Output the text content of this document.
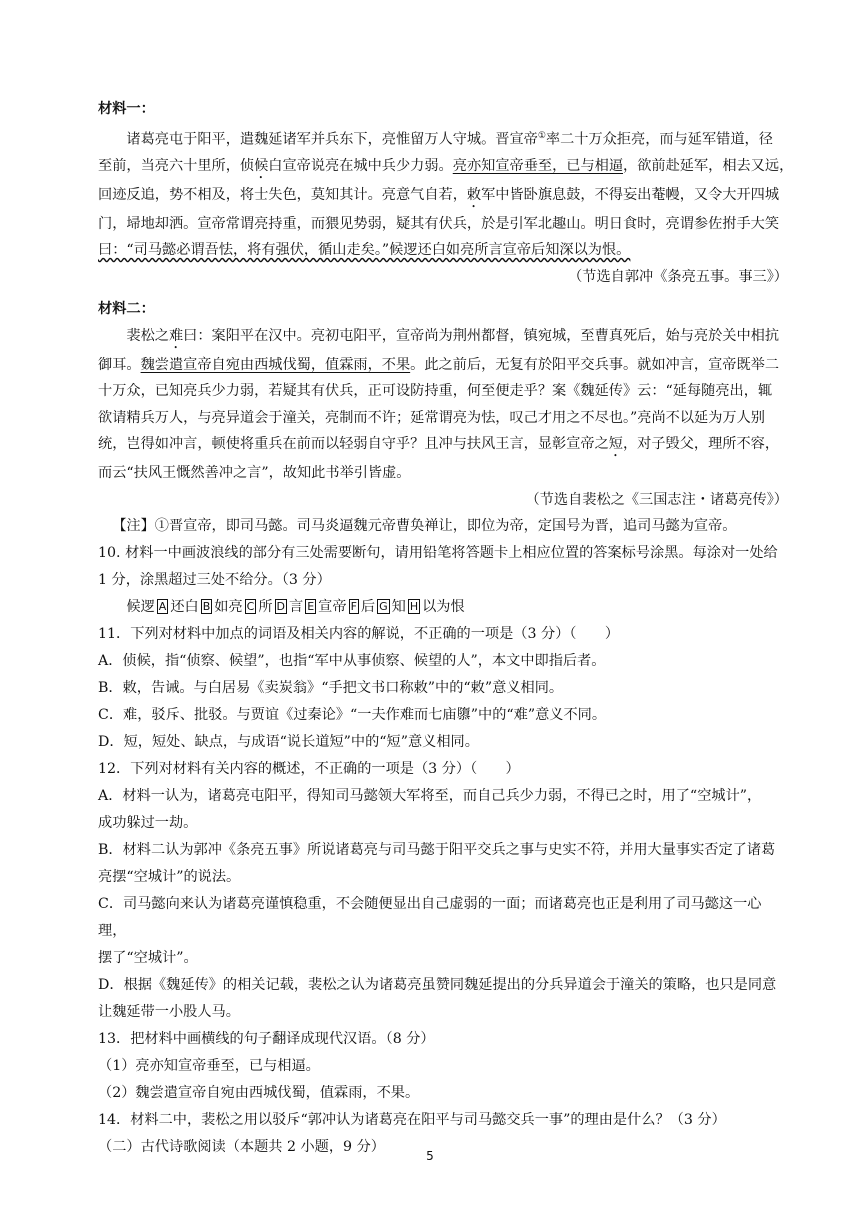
材料一：
诸葛亮屯于阳平，遣魏延诸军并兵东下，亮惟留万人守城。晋宣帝①率二十万众拒亮，而与延军错道，径
至前，当亮六十里所，侦候白宣帝说亮在城中兵少力弱。亮亦知宣帝垂至，已与相逼，欲前赴延军，相去又远，
回迹反追，势不相及，将士失色，莫知其计。亮意气自若，敕军中皆卧旗息鼓，不得妄出菴幔，又令大开四城
门，埽地却洒。宣帝常谓亮持重，而猥见势弱，疑其有伏兵，於是引军北趣山。明日食时，亮谓参佐拊手大笑
曰：“司马懿必谓吾怯，将有强伏，循山走矣。”候逻还白如亮所言宣帝后知深以为恨。
（节选自郭冲《条亮五事。事三》）
材料二：
裴松之难曰：案阳平在汉中。亮初屯阳平，宣帝尚为荆州都督，镇宛城，至曹真死后，始与亮於关中相抗
御耳。魏尝遣宣帝自宛由西城伐蜀，值霖雨，不果。此之前后，无复有於阳平交兵事。就如冲言，宣帝既举二
十万众，已知亮兵少力弱，若疑其有伏兵，正可设防持重，何至便走乎？案《魏延传》云：“延每随亮出，辄
欲请精兵万人，与亮异道会于潼关，亮制而不许；延常谓亮为怯，叹己才用之不尽也。”亮尚不以延为万人别
统，岂得如冲言，顿使将重兵在前而以轻弱自守乎？且冲与扶风王言，显彰宣帝之短，对子毁父，理所不容，
而云“扶风王慨然善冲之言”，故知此书举引皆虚。
（节选自裴松之《三国志注・诸葛亮传》）
【注】①晋宣帝，即司马懿。司马炎逼魏元帝曹奂禅让，即位为帝，定国号为晋，追司马懿为宣帝。
10. 材料一中画波浪线的部分有三处需要断句，请用铅笔将答题卡上相应位置的答案标号涂黑。每涂对一处给
1 分，涂黑超过三处不给分。（3 分）
候逻 A 还白 B 如亮 C 所 D 言 E 宣帝 F 后 G 知 H 以为恨
11．下列对材料中加点的词语及相关内容的解说，不正确的一项是（3 分）（　　）
A．侦候，指“侦察、候望”，也指“军中从事侦察、候望的人”，本文中即指后者。
B．敕，告诫。与白居易《卖炭翁》“手把文书口称敕”中的“敕”意义相同。
C．难，驳斥、批驳。与贾谊《过秦论》“一夫作难而七庙隳”中的“难”意义不同。
D．短，短处、缺点，与成语“说长道短”中的“短”意义相同。
12．下列对材料有关内容的概述，不正确的一项是（3 分）（　　）
A．材料一认为，诸葛亮屯阳平，得知司马懿领大军将至，而自己兵少力弱，不得已之时，用了“空城计”，
成功躲过一劫。
B．材料二认为郭冲《条亮五事》所说诸葛亮与司马懿于阳平交兵之事与史实不符，并用大量事实否定了诸葛
亮摆“空城计”的说法。
C．司马懿向来认为诸葛亮谨慎稳重，不会随便显出自己虚弱的一面；而诸葛亮也正是利用了司马懿这一心理，
摆了“空城计”。
D．根据《魏延传》的相关记载，裴松之认为诸葛亮虽赞同魏延提出的分兵异道会于潼关的策略，也只是同意
让魏延带一小股人马。
13．把材料中画横线的句子翻译成现代汉语。（8 分）
（1）亮亦知宣帝垂至，已与相逼。
（2）魏尝遣宣帝自宛由西城伐蜀，值霖雨，不果。
14．材料二中，裴松之用以驳斥“郭冲认为诸葛亮在阳平与司马懿交兵一事”的理由是什么？（3 分）
（二）古代诗歌阅读（本题共 2 小题，9 分）
5
